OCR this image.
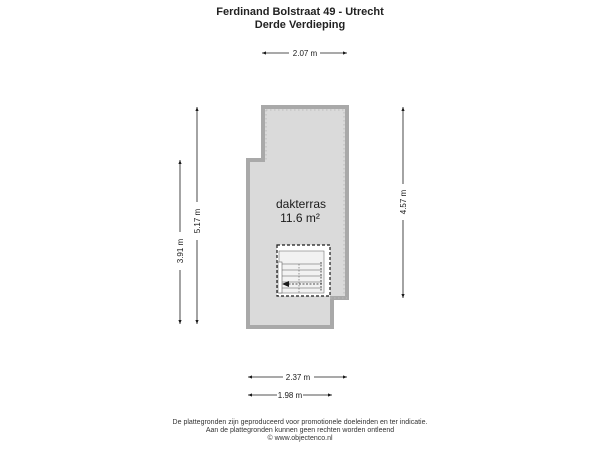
Ferdinand Bolstraat 49 - Utrecht
Derde Verdieping
dakterras
11.6 m²
2.07 m
2.37 m
1.98 m
3.91 m
5.17 m
4.57 m
De plattegronden zijn geproduceerd voor promotionele doeleinden en ter indicatie.
Aan de plattegronden kunnen geen rechten worden ontleend
© www.objectenco.nl
